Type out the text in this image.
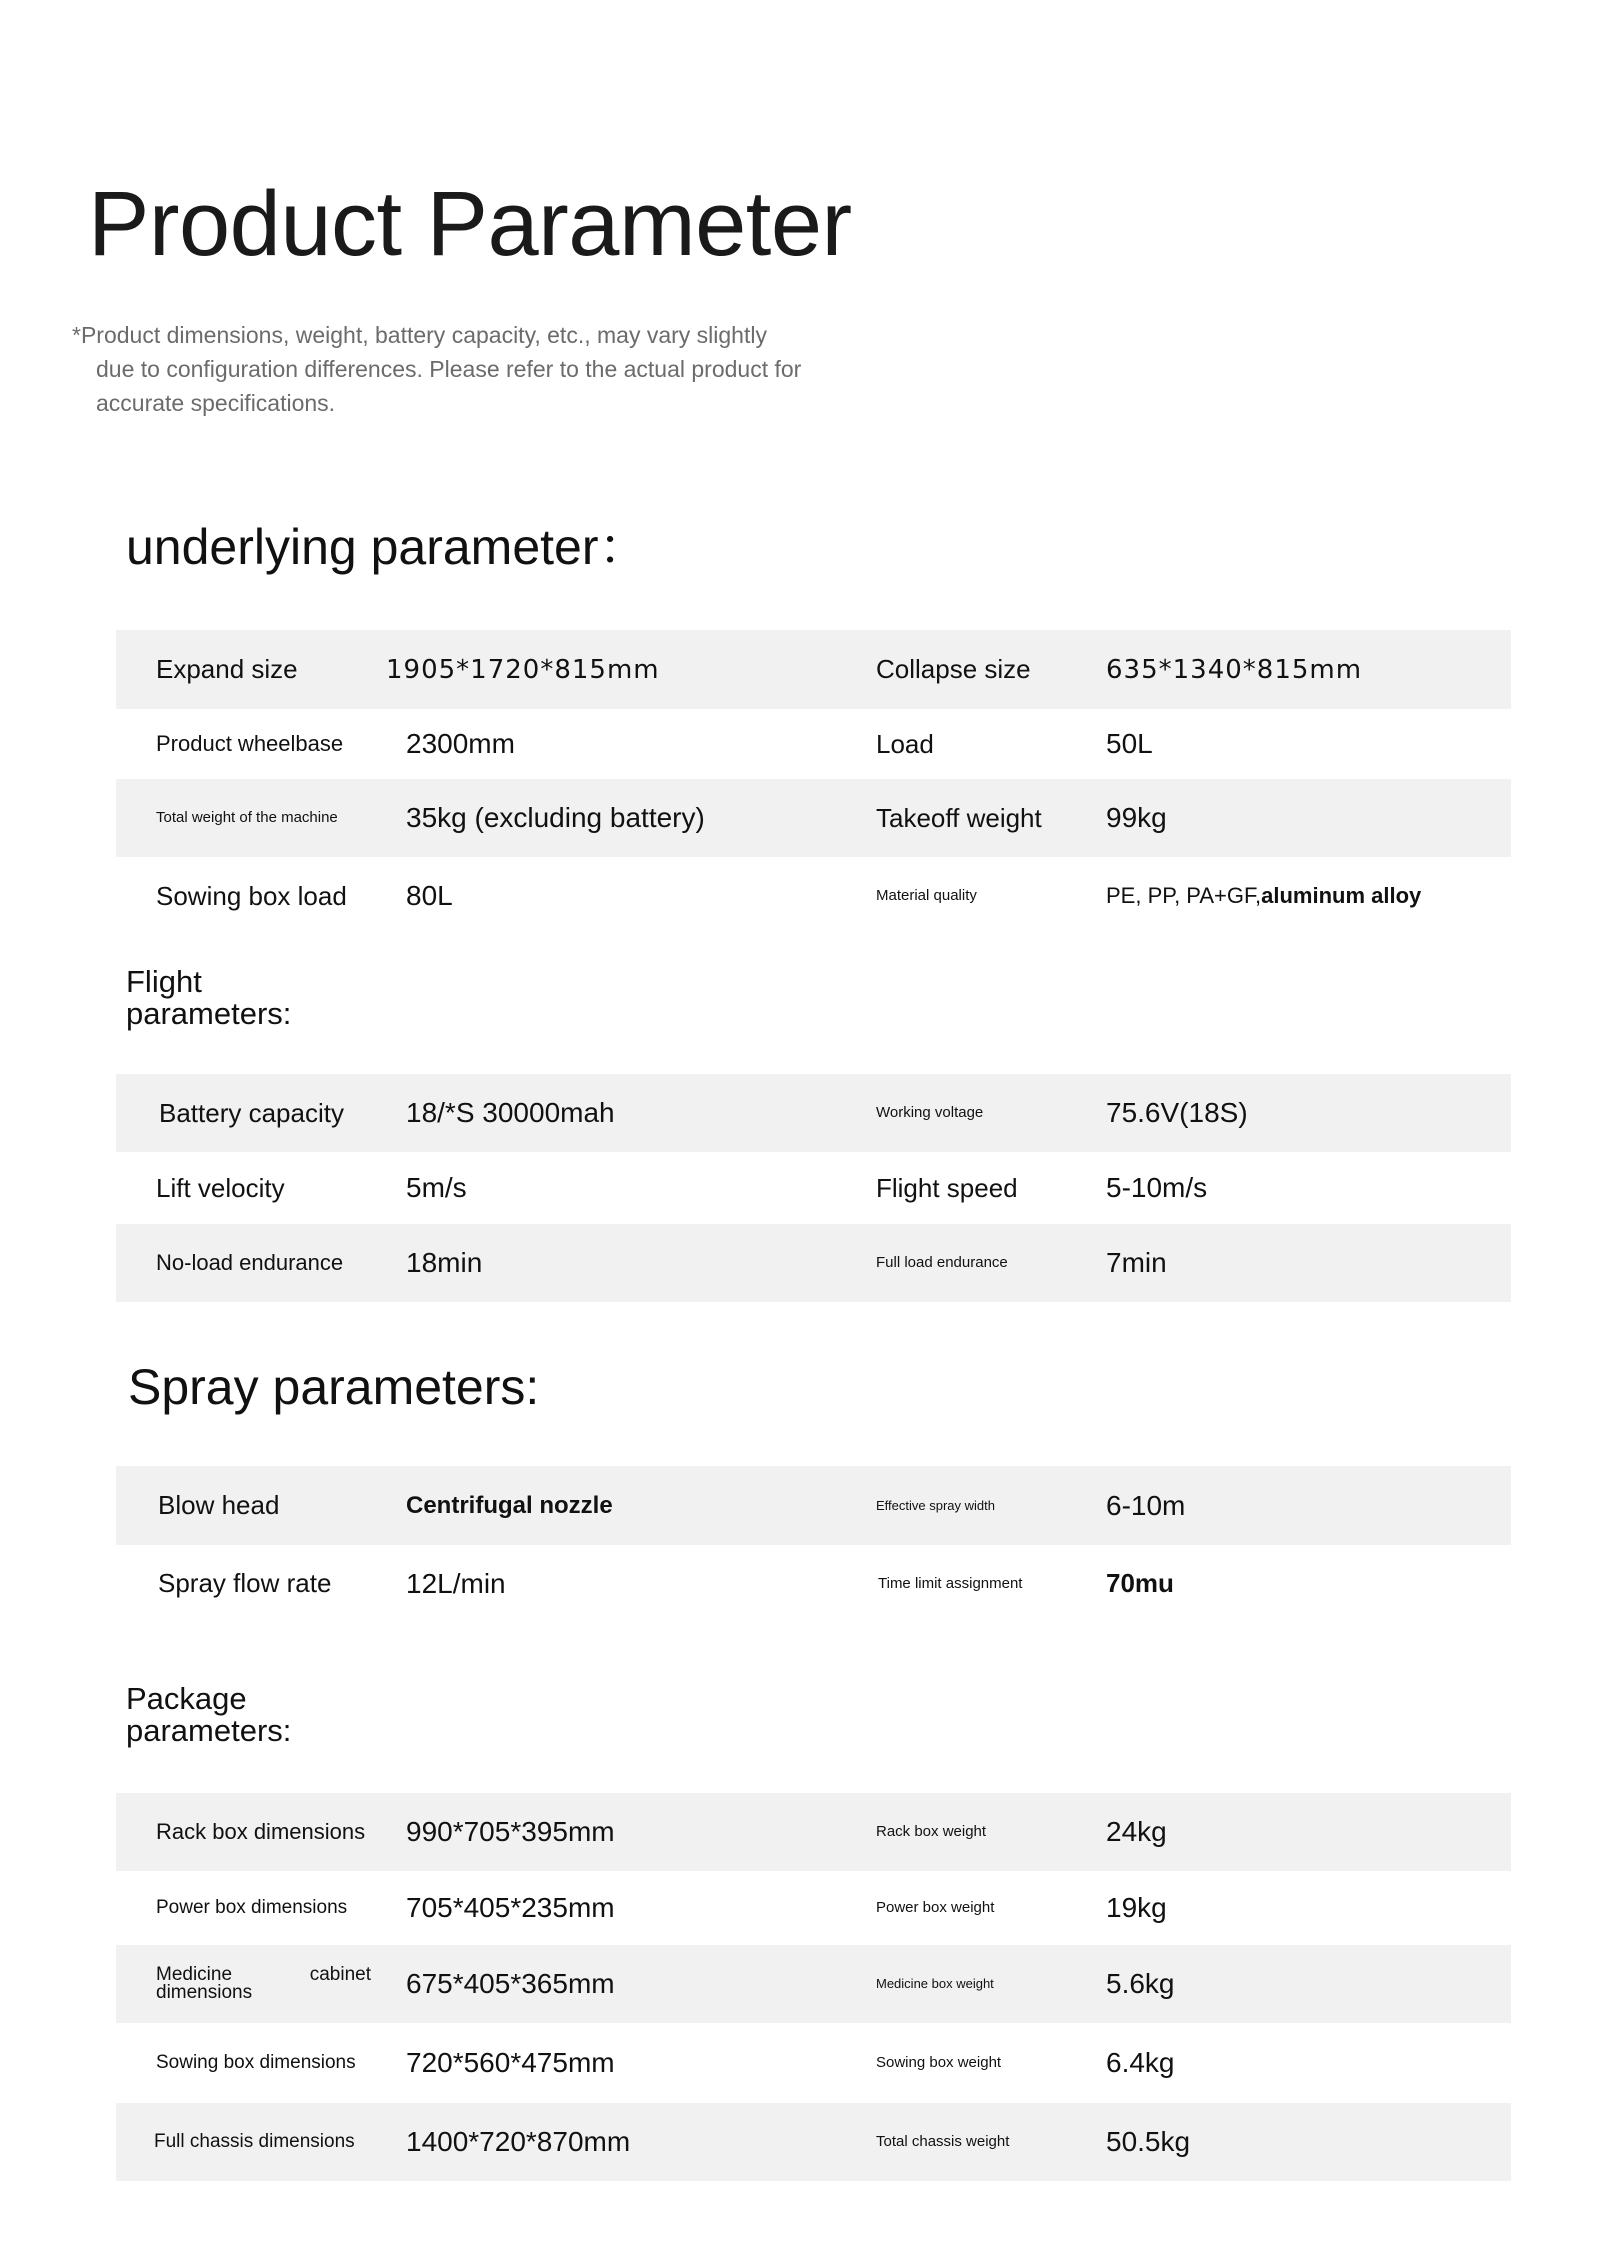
Product Parameter

*Product dimensions, weight, battery capacity, etc., may vary slightly
due to configuration differences. Please refer to the actual product for
accurate specifications.

underlying parameter：
Expand size	1905*1720*815mm	Collapse size	635*1340*815mm
Product wheelbase	2300mm	Load	50L
Total weight of the machine	35kg (excluding battery)	Takeoff weight	99kg
Sowing box load	80L	Material quality	PE, PP, PA+GF,aluminum alloy
Flight parameters:
Battery capacity	18/*S 30000mah	Working voltage	75.6V(18S)
Lift velocity	5m/s	Flight speed	5-10m/s
No-load endurance	18min	Full load endurance	7min
Spray parameters:
Blow head	Centrifugal nozzle	Effective spray width	6-10m
Spray flow rate	12L/min	Time limit assignment	70mu
Package parameters:
Rack box dimensions	990*705*395mm	Rack box weight	24kg
Power box dimensions	705*405*235mm	Power box weight	19kg

Medicine cabinet dimensions	675*405*365mm	Medicine box weight	5.6kg
Sowing box dimensions	720*560*475mm	Sowing box weight	6.4kg
Full chassis dimensions	1400*720*870mm	Total chassis weight	50.5kg
